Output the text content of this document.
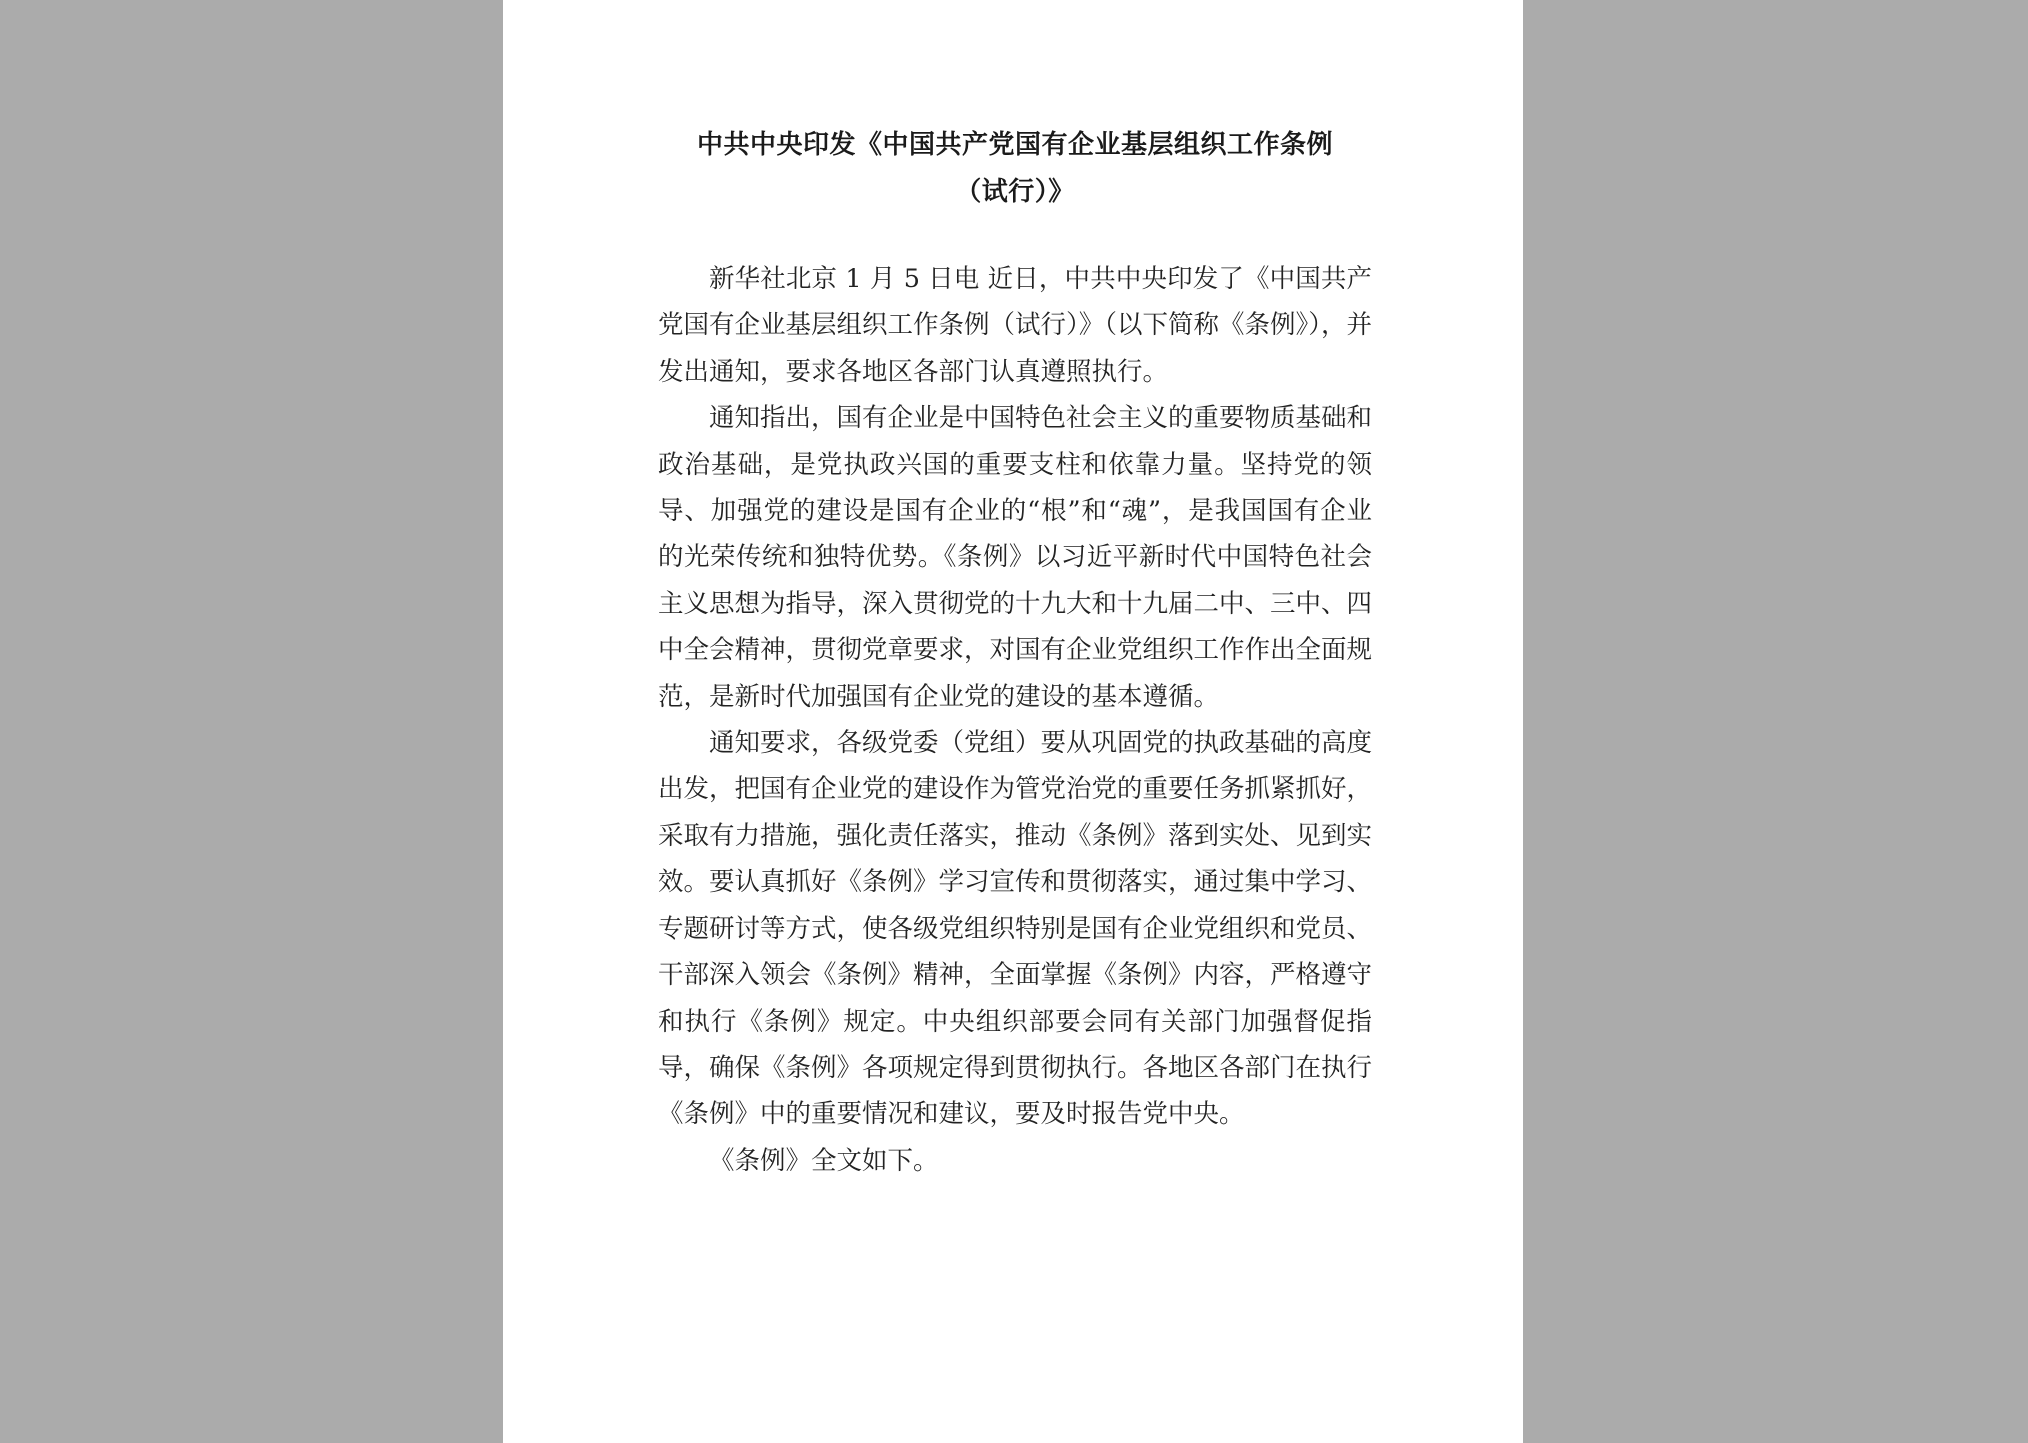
中共中央印发《中国共产党国有企业基层组织工作条例
（试行）》

新华社北京 1 月 5 日电 近日，中共中央印发了《中国共产党国有企业基层组织工作条例（试行）》（以下简称《条例》），并发出通知，要求各地区各部门认真遵照执行。

通知指出，国有企业是中国特色社会主义的重要物质基础和政治基础，是党执政兴国的重要支柱和依靠力量。坚持党的领导、加强党的建设是国有企业的“根”和“魂”，是我国国有企业的光荣传统和独特优势。《条例》以习近平新时代中国特色社会主义思想为指导，深入贯彻党的十九大和十九届二中、三中、四中全会精神，贯彻党章要求，对国有企业党组织工作作出全面规范，是新时代加强国有企业党的建设的基本遵循。

通知要求，各级党委（党组）要从巩固党的执政基础的高度出发，把国有企业党的建设作为管党治党的重要任务抓紧抓好，采取有力措施，强化责任落实，推动《条例》落到实处、见到实效。要认真抓好《条例》学习宣传和贯彻落实，通过集中学习、专题研讨等方式，使各级党组织特别是国有企业党组织和党员、干部深入领会《条例》精神，全面掌握《条例》内容，严格遵守和执行《条例》规定。中央组织部要会同有关部门加强督促指导，确保《条例》各项规定得到贯彻执行。各地区各部门在执行《条例》中的重要情况和建议，要及时报告党中央。

《条例》全文如下。
